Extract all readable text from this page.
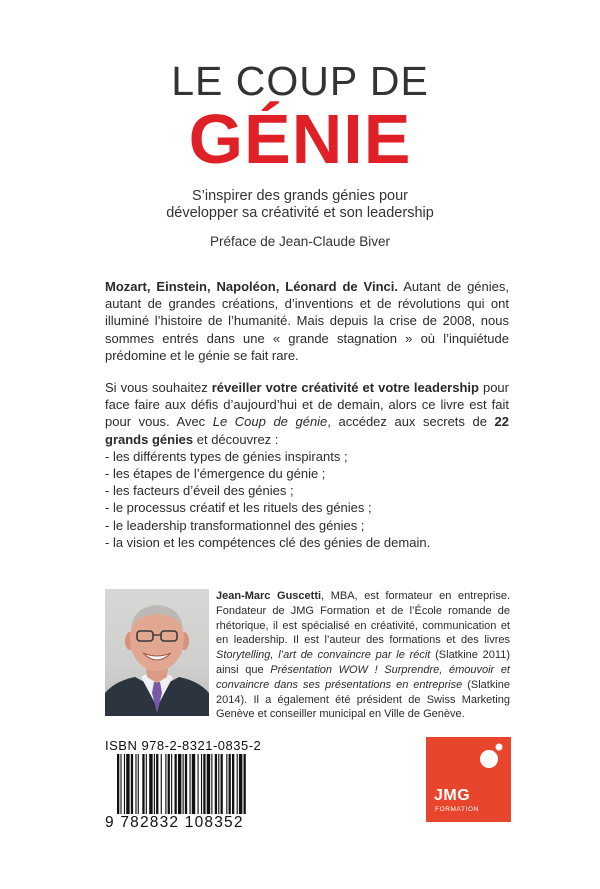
LE COUP DE
GÉNIE
S’inspirer des grands génies pour
développer sa créativité et son leadership
Préface de Jean-Claude Biver

Mozart, Einstein, Napoléon, Léonard de Vinci. Autant de génies, autant de grandes créations, d’inventions et de révolutions qui ont illuminé l’histoire de l’humanité. Mais depuis la crise de 2008, nous sommes entrés dans une « grande stagnation » où l’inquiétude prédomine et le génie se fait rare.

Si vous souhaitez réveiller votre créativité et votre leadership pour face faire aux défis d’aujourd’hui et de demain, alors ce livre est fait pour vous. Avec Le Coup de génie, accédez aux secrets de 22 grands génies et découvrez :

- les différents types de génies inspirants ;
- les étapes de l’émergence du génie ;
- les facteurs d’éveil des génies ;
- le processus créatif et les rituels des génies ;
- le leadership transformationnel des génies ;
- la vision et les compétences clé des génies de demain.
Jean-Marc Guscetti, MBA, est formateur en entreprise. Fondateur de JMG Formation et de l’École romande de rhétorique, il est spécialisé en créativité, communication et en leadership. Il est l’auteur des formations et des livres Storytelling, l’art de convaincre par le récit (Slatkine 2011) ainsi que Présentation WOW ! Surprendre, émouvoir et convaincre dans ses présentations en entreprise (Slatkine 2014). Il a également été président de Swiss Marketing Genève et conseiller municipal en Ville de Genève.
ISBN 978-2-8321-0835-2
9 782832 108352
JMG
FORMATION
